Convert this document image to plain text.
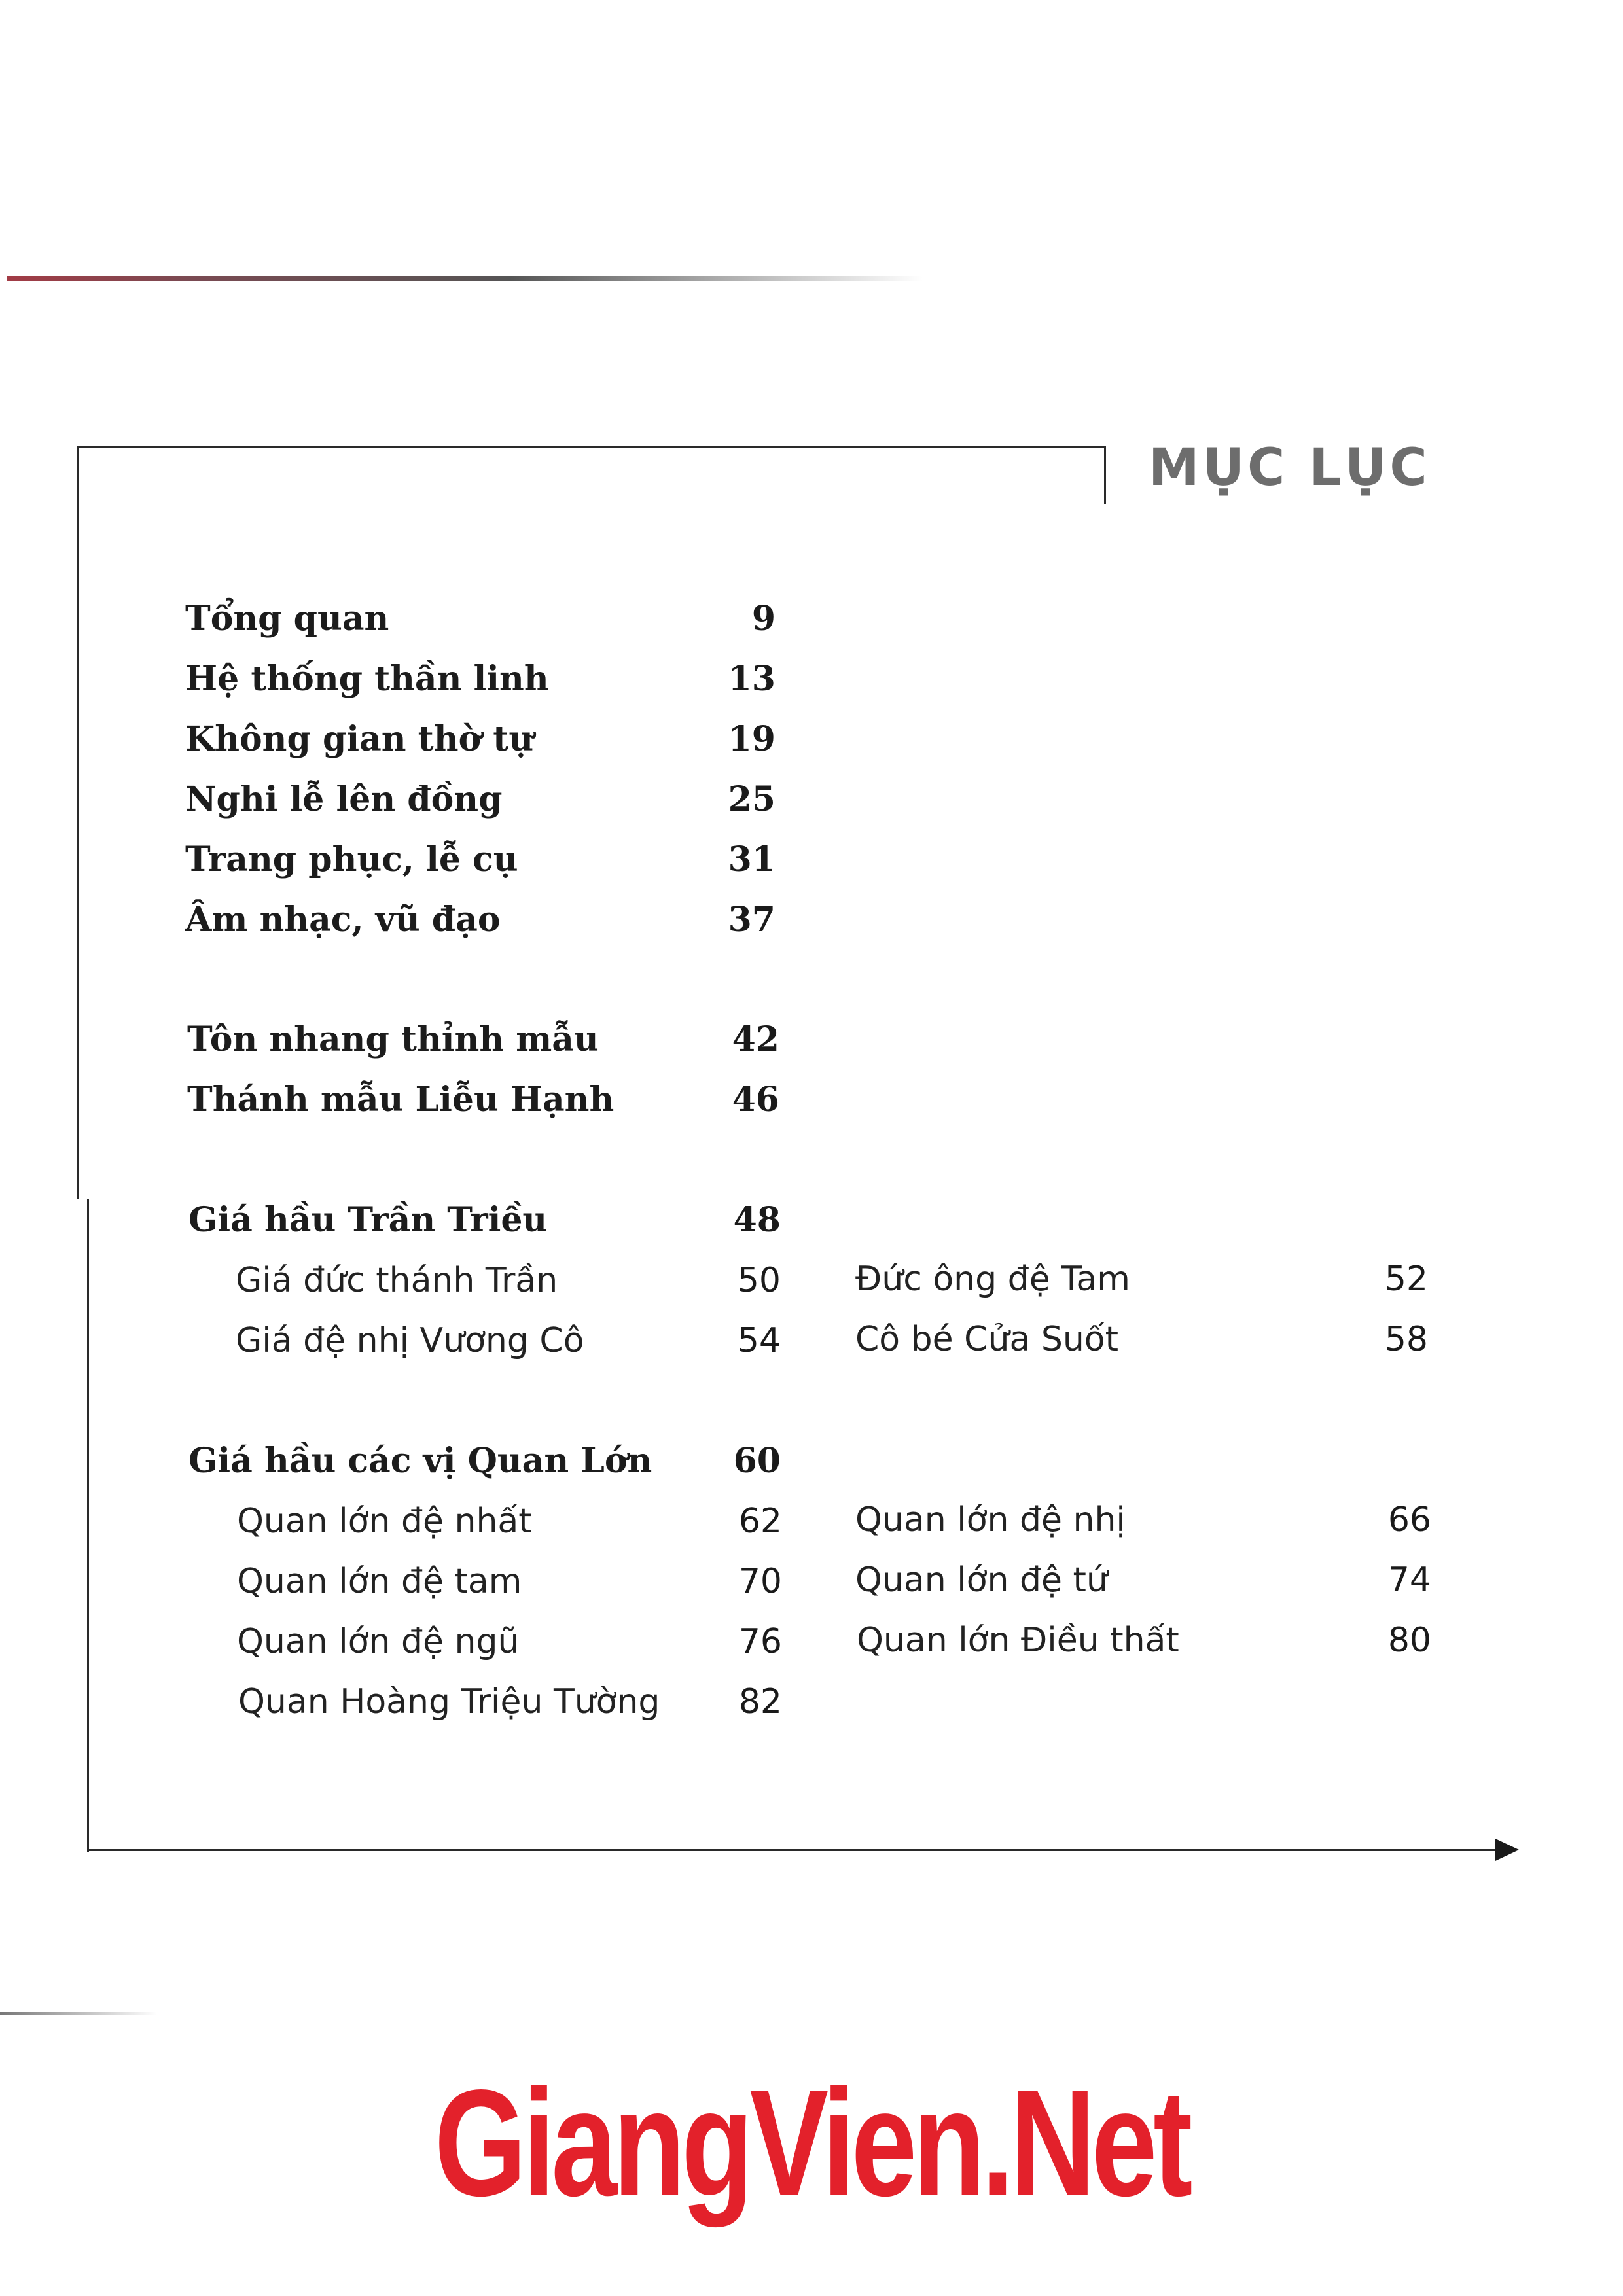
MỤC LỤC
Tổng quan	9
Hệ thống thần linh	13
Không gian thờ tự	19
Nghi lễ lên đồng	25
Trang phục, lễ cụ	31
Âm nhạc, vũ đạo	37
Tôn nhang thỉnh mẫu	42
Thánh mẫu Liễu Hạnh	46
Giá hầu Trần Triều	48
Giá đức thánh Trần	50
Giá đệ nhị Vương Cô	54
Đức ông đệ Tam	52
Cô bé Cửa Suốt	58
Giá hầu các vị Quan Lớn	60
Quan lớn đệ nhất	62
Quan lớn đệ tam	70
Quan lớn đệ ngũ	76
Quan Hoàng Triệu Tường	82
Quan lớn đệ nhị	66
Quan lớn đệ tứ	74
Quan lớn Điều thất	80
GiangVien.Net
